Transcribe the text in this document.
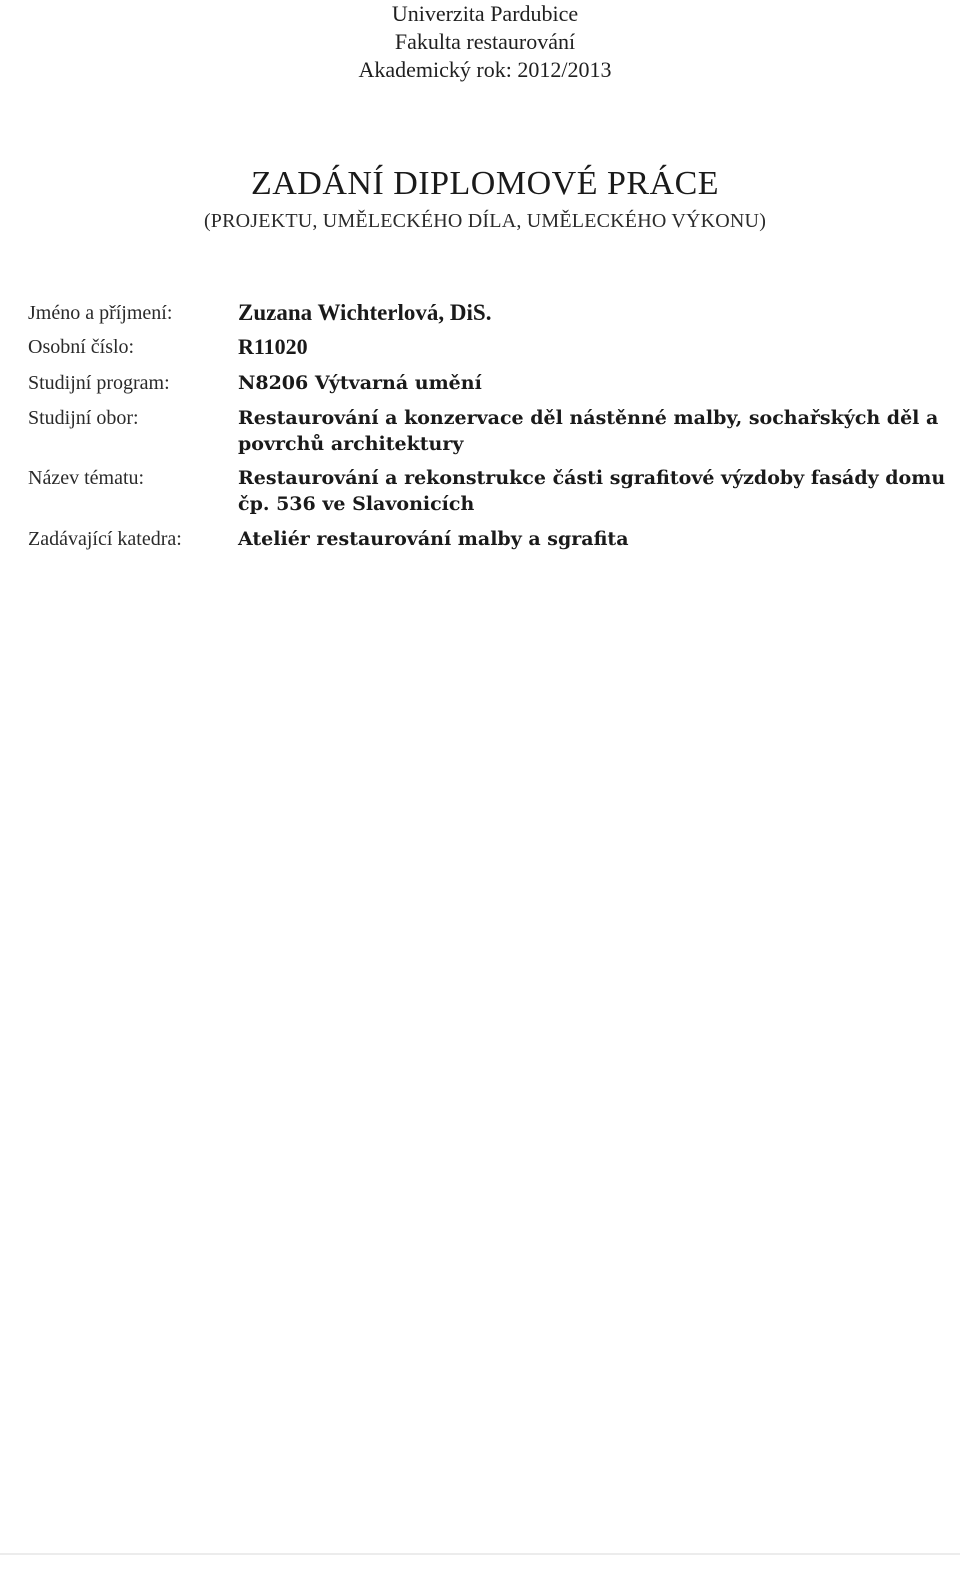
Univerzita Pardubice
Fakulta restaurování
Akademický rok: 2012/2013
ZADÁNÍ DIPLOMOVÉ PRÁCE
(PROJEKTU, UMĚLECKÉHO DÍLA, UMĚLECKÉHO VÝKONU)
Jméno a příjmení:	Zuzana Wichterlová, DiS.
Osobní číslo:	R11020
Studijní program:	N8206 Výtvarná umění
Studijní obor:	Restaurování a konzervace děl nástěnné malby, sochařských děl a povrchů architektury
Název tématu:	Restaurování a rekonstrukce části sgrafitové výzdoby fasády domu čp. 536 ve Slavonicích
Zadávající katedra:	Ateliér restaurování malby a sgrafita
